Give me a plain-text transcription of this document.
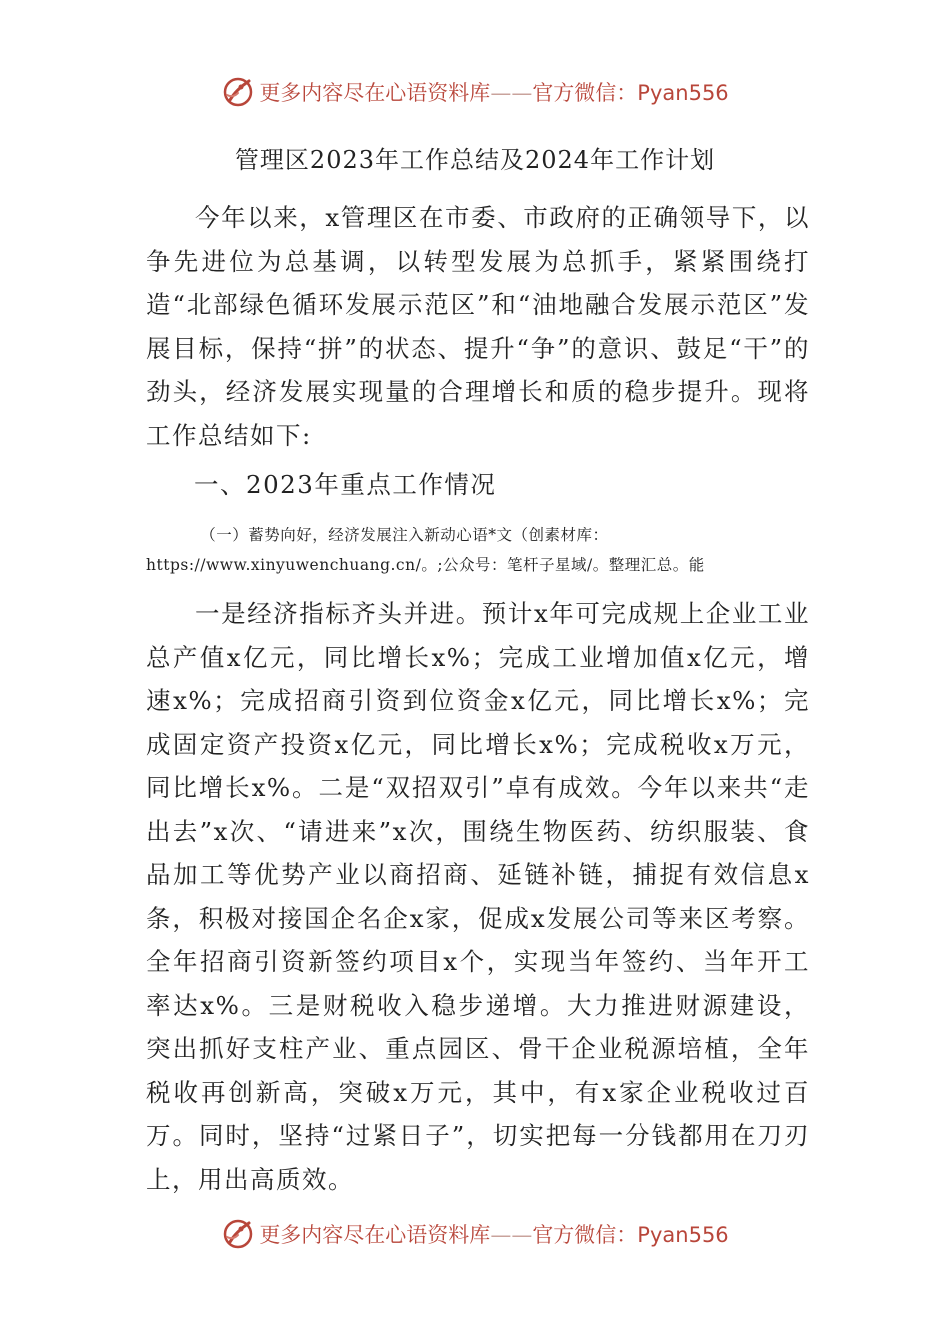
更多内容尽在心语资料库——官方微信：Pyan556
管理区2023年工作总结及2024年工作计划

今年以来，x管理区在市委、市政府的正确领导下，以争先进位为总基调，以转型发展为总抓手，紧紧围绕打造“北部绿色循环发展示范区”和“油地融合发展示范区”发展目标，保持“拼”的状态、提升“争”的意识、鼓足“干”的劲头，经济发展实现量的合理增长和质的稳步提升。现将工作总结如下:

一、2023年重点工作情况

（一）蓄势向好，经济发展注入新动心语*文（创素材库：https://www.xinyuwenchuang.cn/。;公众号：笔杆子星域/。整理汇总。能

一是经济指标齐头并进。预计x年可完成规上企业工业总产值x亿元，同比增长x%；完成工业增加值x亿元，增速x%；完成招商引资到位资金x亿元，同比增长x%；完成固定资产投资x亿元，同比增长x%；完成税收x万元，同比增长x%。二是“双招双引”卓有成效。今年以来共“走出去”x次、“请进来”x次，围绕生物医药、纺织服装、食品加工等优势产业以商招商、延链补链，捕捉有效信息x条，积极对接国企名企x家，促成x发展公司等来区考察。全年招商引资新签约项目x个，实现当年签约、当年开工率达x%。三是财税收入稳步递增。大力推进财源建设，突出抓好支柱产业、重点园区、骨干企业税源培植，全年税收再创新高，突破x万元，其中，有x家企业税收过百万。同时，坚持“过紧日子”，切实把每一分钱都用在刀刃上，用出高质效。

更多内容尽在心语资料库——官方微信：Pyan556
